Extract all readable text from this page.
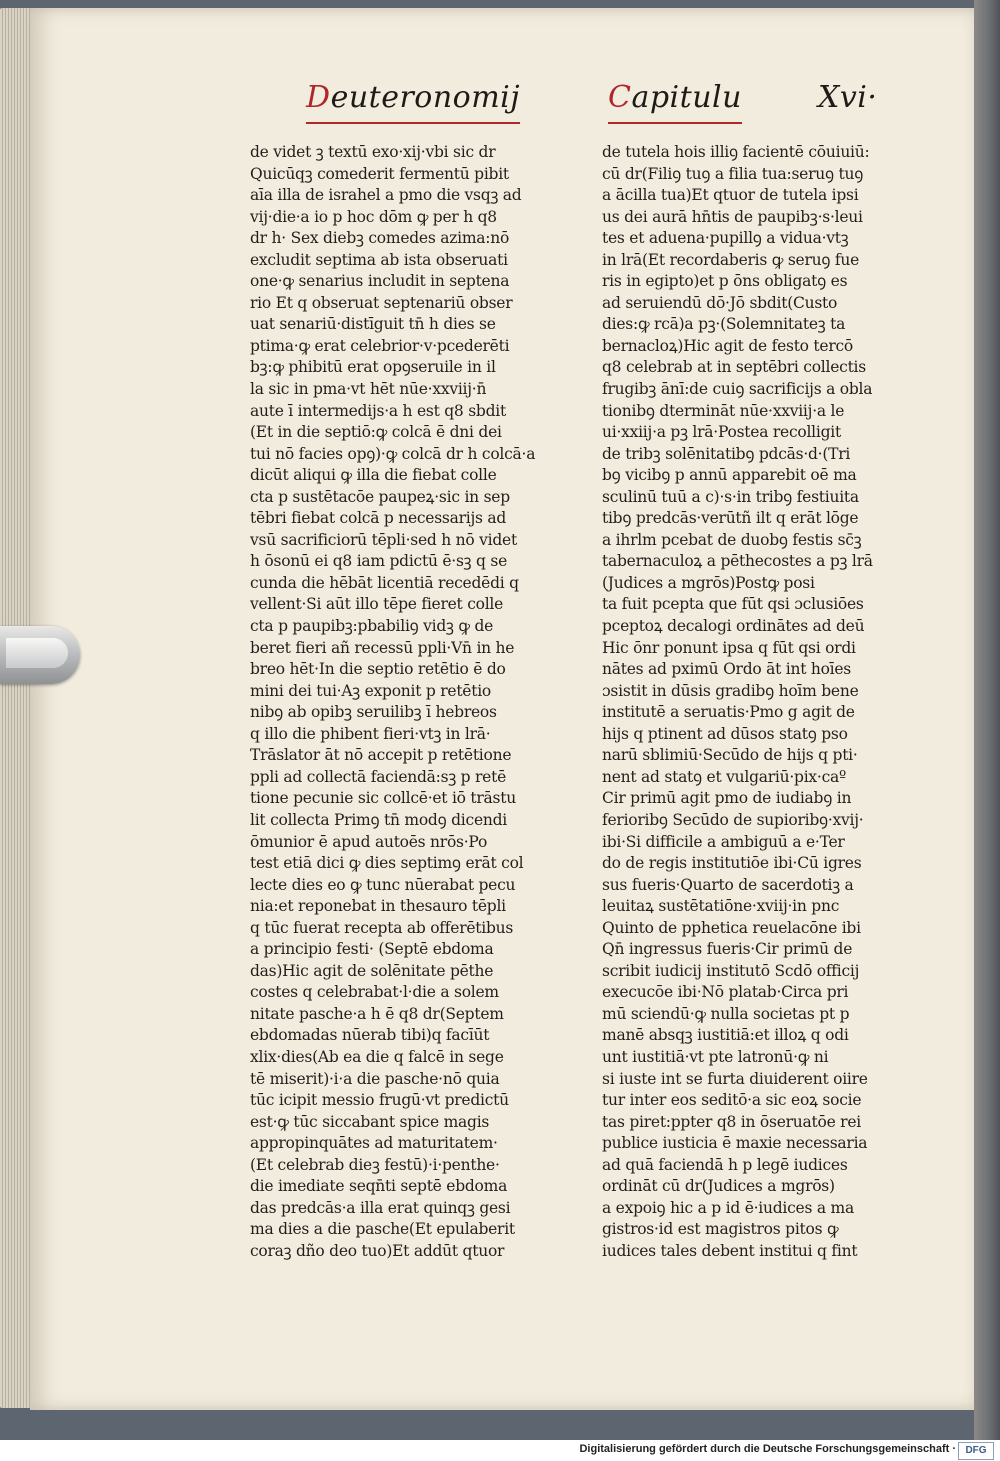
Deuteronomij	Capitulu	Xvi·
de videt ꝫ textū exo·xij·vbi sic dr
Quicūqꝫ comederit fermentū pibit
aīa illa de israhel a pmo die vsqꝫ ad
vij·die·a io p hoc dōm ꝙ per h q8
dr h· Sex diebꝫ comedes azima:nō
excludit septima ab ista obseruati
one·ꝙ senarius includit in septena
rio Et q obseruat septenariū obser
uat senariū·distīguit tn̄ h dies se
ptima·ꝙ erat celebrior·v·pcederēti
bꝫ:ꝙ phibitū erat opꝯseruile in il
la sic in pma·vt hēt nūe·xxviij·n̄
aute ī intermedijs·a h est q8 sbdit
(Et in die septiō:ꝙ colcā ē dni dei
tui nō facies opꝯ)·ꝙ colcā dr h colcā·a
dicūt aliqui ꝙ illa die fiebat colle
cta p sustētacōe paupeꝝ·sic in sep
tēbri fiebat colcā p necessarijs ad
vsū sacrificiorū tēpli·sed h nō videt
h ōsonū ei q8 iam pdictū ē·sꝫ q se
cunda die hēbāt licentiā recedēdi q
vellent·Si aūt illo tēpe fieret colle
cta p paupibꝫ:pbabiliꝯ vidꝫ ꝙ de
beret fieri añ recessū ppli·Vn̄ in he
breo hēt·In die septio retētio ē do
mini dei tui·Aꝫ exponit p retētio
nibꝯ ab opibꝫ seruilibꝫ ī hebreos
q illo die phibent fieri·vtꝫ in lrā·
Trāslator āt nō accepit p retētione
ppli ad collectā faciendā:sꝫ p retē
tione pecunie sic collcē·et iō trāstu
lit collecta Primꝯ tn̄ modꝯ dicendi
ōmunior ē apud autoēs nrōs·Po
test etiā dici ꝙ dies septimꝯ erāt col
lecte dies eo ꝙ tunc nūerabat pecu
nia:et reponebat in thesauro tēpli
q tūc fuerat recepta ab offerētibus
a principio festi· (Septē ebdoma
das)Hic agit de solēnitate pēthe
costes q celebrabat·l·die a solem
nitate pasche·a h ē q8 dr(Septem
ebdomadas nūerab tibi)q facīūt
xlix·dies(Ab ea die q falcē in sege
tē miserit)·i·a die pasche·nō quia
tūc icipit messio frugū·vt predictū
est·ꝙ tūc siccabant spice magis
appropinquātes ad maturitatem·
(Et celebrab dieꝫ festū)·i·penthe·
die imediate seqn̄ti septē ebdoma
das predcās·a illa erat quinqꝫ gesi
ma dies a die pasche(Et epulaberit
coraꝫ dño deo tuo)Et addūt qtuor
de tutela hois illiꝯ facientē cōuiuiū:
cū dr(Filiꝯ tuꝯ a filia tua:seruꝯ tuꝯ
a ācilla tua)Et qtuor de tutela ipsi
us dei aurā hn̄tis de paupibꝫ·s·leui
tes et aduena·pupillꝯ a vidua·vtꝫ
in lrā(Et recordaberis ꝙ seruꝯ fue
ris in egipto)et p ōns obligatꝯ es
ad seruiendū dō·Jō sbdit(Custo
dies:ꝙ rcā)a pꝫ·(Solemnitateꝫ ta
bernacloꝝ)Hic agit de festo tercō
q8 celebrab at in septēbri collectis
frugibꝫ ānī:de cuiꝯ sacrificijs a obla
tionibꝯ dtermināt nūe·xxviij·a le
ui·xxiij·a pꝫ lrā·Postea recolligit
de tribꝫ solēnitatibꝯ pdcās·d·(Tri
bꝯ vicibꝯ p annū apparebit oē ma
sculinū tuū a c)·s·in tribꝯ festiuita
tibꝯ predcās·verūtñ ilt q erāt lōge
a ihrlm pcebat de duobꝯ festis sc̄ꝫ
tabernaculoꝝ a pēthecostes a pꝫ lrā
(Judices a mgrōs)Postꝙ posi
ta fuit pcepta que fūt qsi ɔclusiōes
pceptoꝝ decalogi ordinātes ad deū
Hic ōnr ponunt ipsa q fūt qsi ordi
nātes ad pximū Ordo āt int hoīes
ɔsistit in dūsis gradibꝯ hoīm bene
institutē a seruatis·Pmo g agit de
hijs q ptinent ad dūsos statꝯ pso
narū sblimiū·Secūdo de hijs q pti·
nent ad statꝯ et vulgariū·pix·caº
Cir primū agit pmo de iudiabꝯ in
ferioribꝯ Secūdo de supioribꝯ·xvij·
ibi·Si difficile a ambiguū a e·Ter
do de regis institutiōe ibi·Cū igres
sus fueris·Quarto de sacerdotiꝫ a
leuitaꝝ sustētatiōne·xviij·in pnc
Quinto de pphetica reuelacōne ibi
Qn̄ ingressus fueris·Cir primū de
scribit iudicij institutō Scdō officij
execucōe ibi·Nō platab·Circa pri
mū sciendū·ꝙ nulla societas pt p
manē absqꝫ iustitiā:et illoꝝ q odi
unt iustitiā·vt pte latronū·ꝙ ni
si iuste int se furta diuiderent oiire
tur inter eos seditō·a sic eoꝝ socie
tas piret:ppter q8 in ōseruatōe rei
publice iusticia ē maxie necessaria
ad quā faciendā h p legē iudices
ordināt cū dr(Judices a mgrōs)
a expoiꝯ hic a p id ē·iudices a ma
gistros·id est magistros pitos ꝙ
iudices tales debent institui q fint
Digitalisierung gefördert durch die Deutsche Forschungsgemeinschaft · DFG
